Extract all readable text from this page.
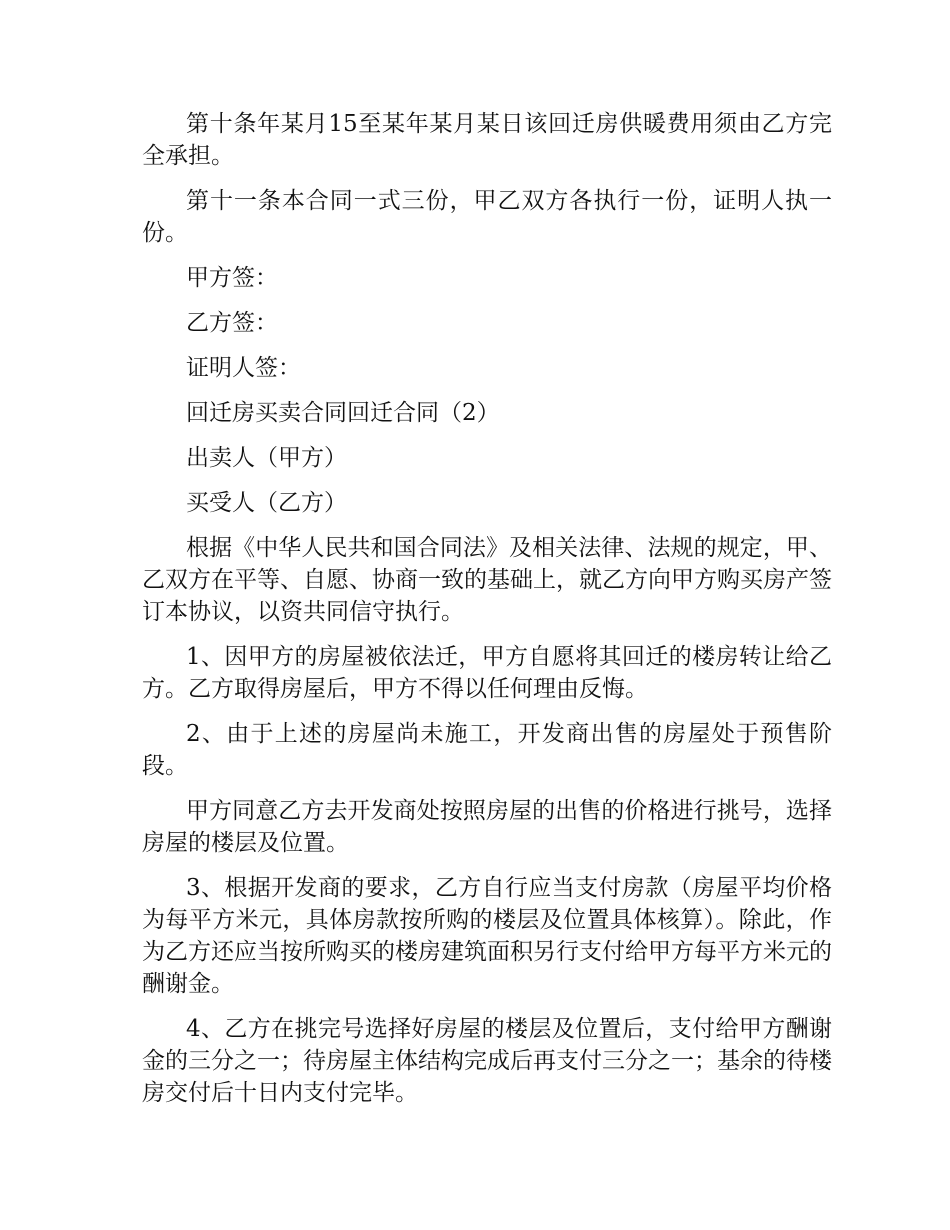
第十条年某月15至某年某月某日该回迁房供暖费用须由乙方完全承担。

第十一条本合同一式三份，甲乙双方各执行一份，证明人执一份。

甲方签：

乙方签：

证明人签：

回迁房买卖合同回迁合同（2）

出卖人（甲方）

买受人（乙方）

根据《中华人民共和国合同法》及相关法律、法规的规定，甲、乙双方在平等、自愿、协商一致的基础上，就乙方向甲方购买房产签订本协议，以资共同信守执行。

1、因甲方的房屋被依法迁，甲方自愿将其回迁的楼房转让给乙方。乙方取得房屋后，甲方不得以任何理由反悔。

2、由于上述的房屋尚未施工，开发商出售的房屋处于预售阶段。

甲方同意乙方去开发商处按照房屋的出售的价格进行挑号，选择房屋的楼层及位置。

3、根据开发商的要求，乙方自行应当支付房款（房屋平均价格为每平方米元，具体房款按所购的楼层及位置具体核算）。除此，作为乙方还应当按所购买的楼房建筑面积另行支付给甲方每平方米元的酬谢金。

4、乙方在挑完号选择好房屋的楼层及位置后，支付给甲方酬谢金的三分之一；待房屋主体结构完成后再支付三分之一；基余的待楼房交付后十日内支付完毕。
